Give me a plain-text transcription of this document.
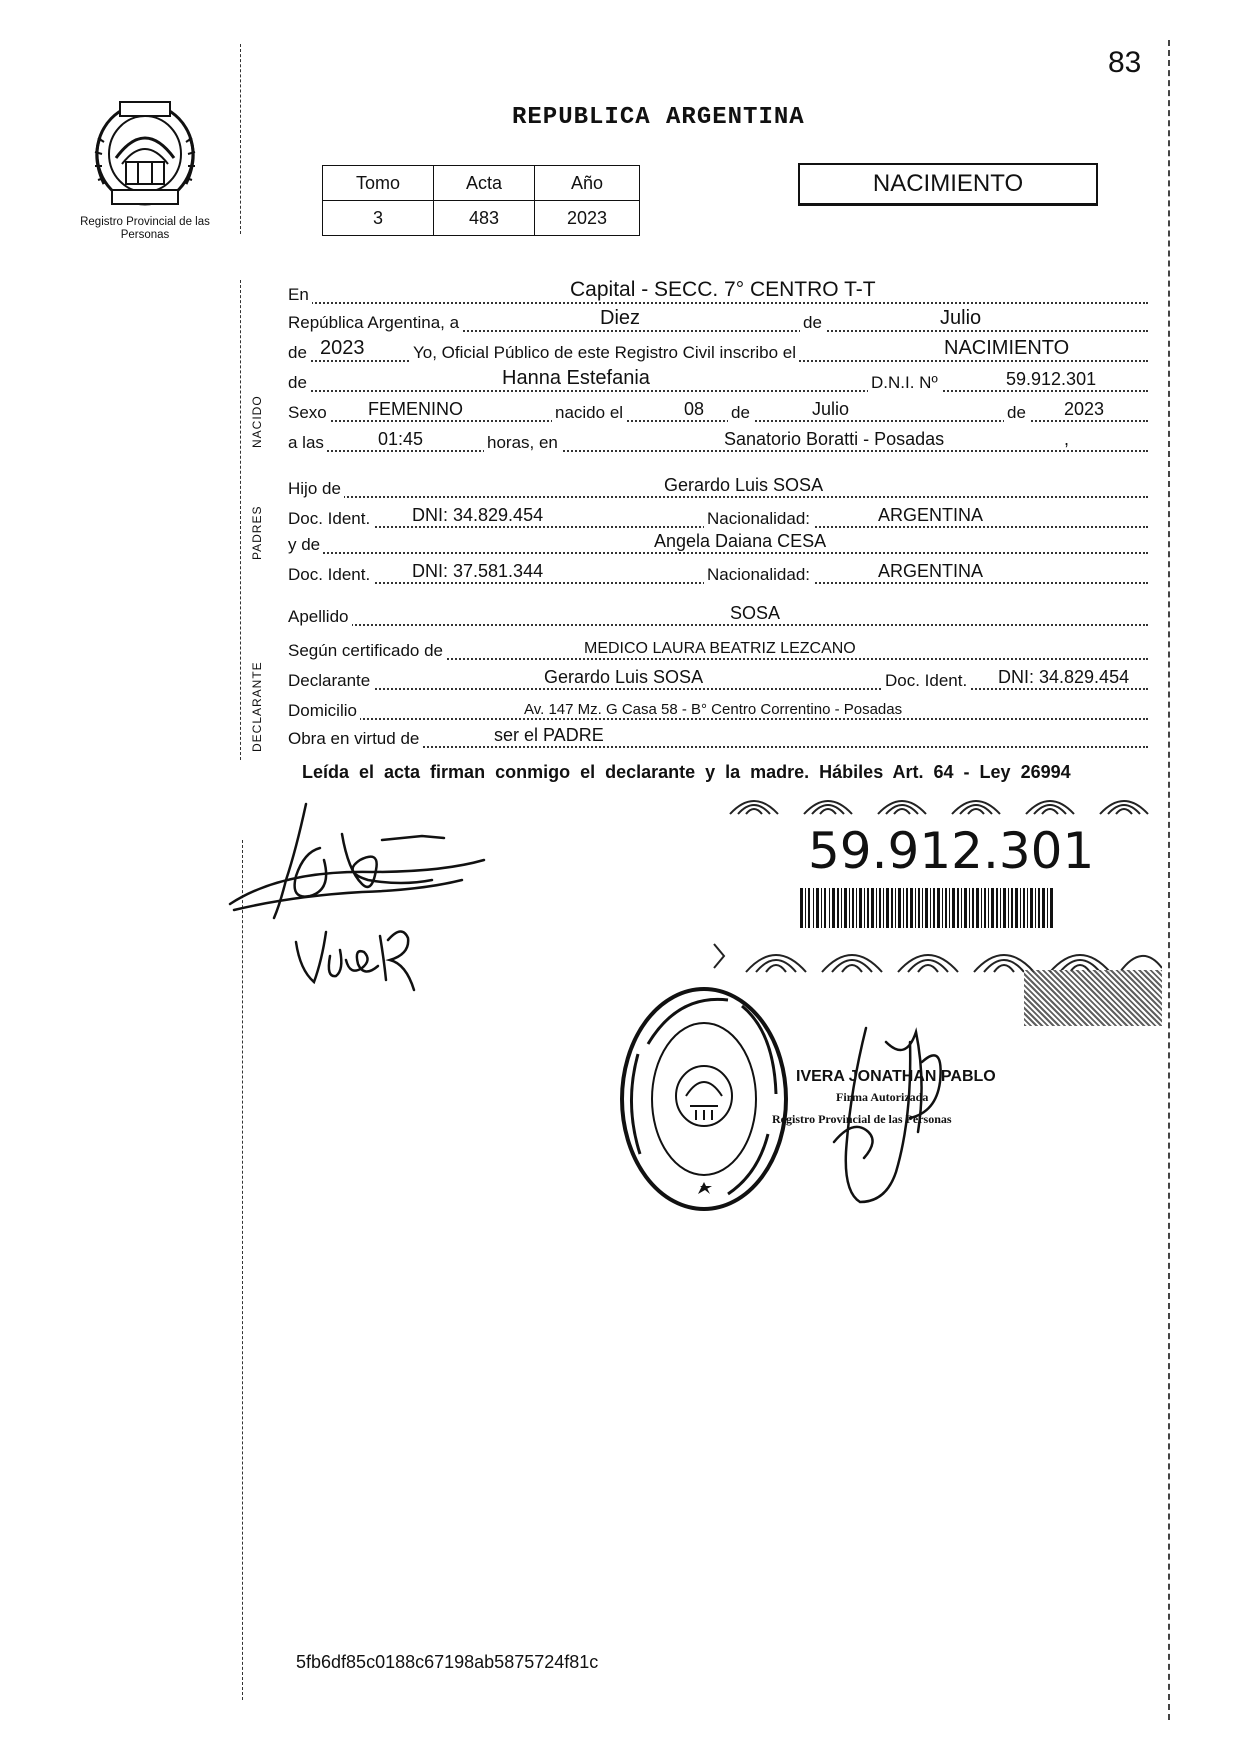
83
REPUBLICA ARGENTINA
Registro Provincial de las Personas
Tomo	Acta	Año
3	483	2023
NACIMIENTO
NACIDO
PADRES
DECLARANTE
En	Capital - SECC. 7° CENTRO T-T
República Argentina, a	Diez	de	Julio
de 2023	Yo, Oficial Público de este Registro Civil inscribo el	NACIMIENTO
de	Hanna Estefania	D.N.I. Nº	59.912.301
Sexo FEMENINO	nacido el	08 de	Julio	de 2023
a las	01:45	horas, en	Sanatorio Boratti - Posadas	,
Hijo de	Gerardo Luis SOSA
Doc. Ident. DNI: 34.829.454	Nacionalidad:	ARGENTINA
y de	Angela Daiana CESA
Doc. Ident. DNI: 37.581.344	Nacionalidad:	ARGENTINA
Apellido	SOSA
Según certificado de	MEDICO LAURA BEATRIZ LEZCANO
Declarante	Gerardo Luis SOSA	Doc. Ident. DNI: 34.829.454
Domicilio	Av. 147 Mz. G Casa 58 - B° Centro Correntino - Posadas
Obra en virtud de	ser el PADRE
Leída el acta firman conmigo el declarante y la madre. Hábiles Art. 64 - Ley 26994
59.912.301
IVERA JONATHAN PABLO
Firma Autorizada
Registro Provincial de las Personas
5fb6df85c0188c67198ab5875724f81c
